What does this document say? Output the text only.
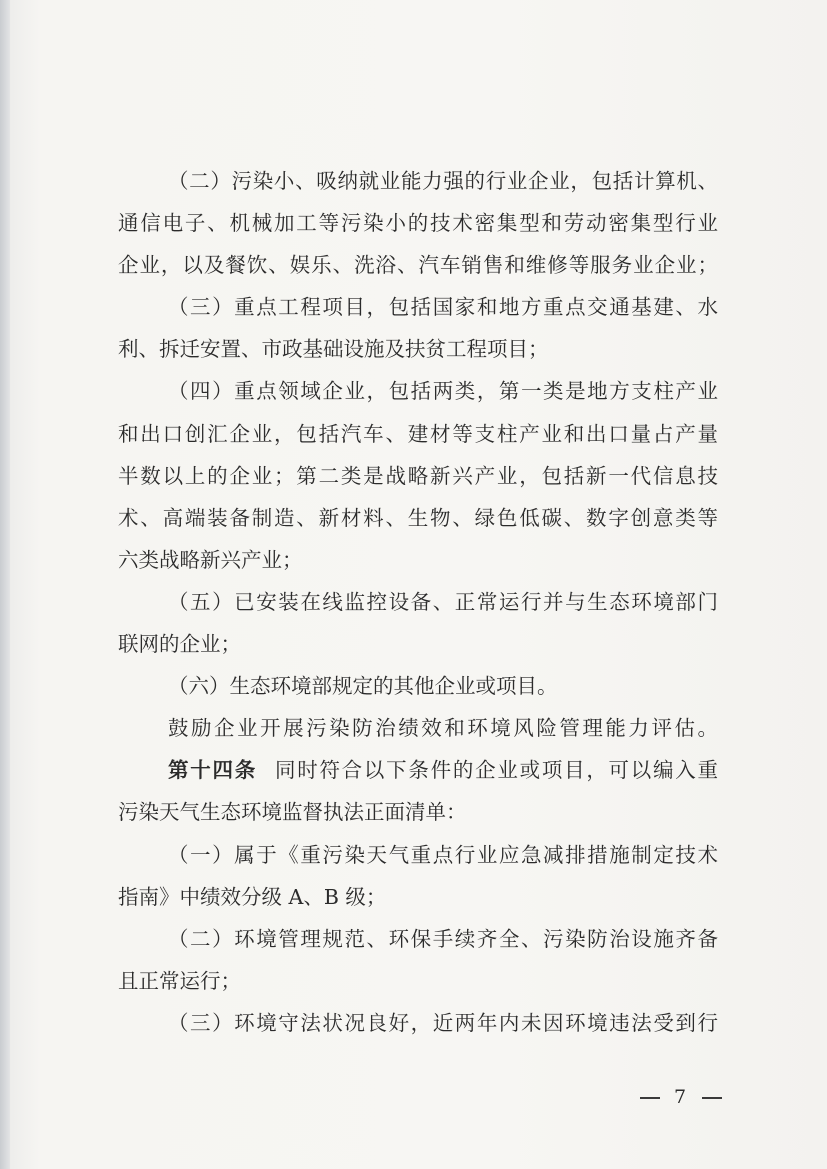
（二）污染小、吸纳就业能力强的行业企业，包括计算机、
通信电子、机械加工等污染小的技术密集型和劳动密集型行业
企业，以及餐饮、娱乐、洗浴、汽车销售和维修等服务业企业；
（三）重点工程项目，包括国家和地方重点交通基建、水
利、拆迁安置、市政基础设施及扶贫工程项目；
（四）重点领域企业，包括两类，第一类是地方支柱产业
和出口创汇企业，包括汽车、建材等支柱产业和出口量占产量
半数以上的企业；第二类是战略新兴产业，包括新一代信息技
术、高端装备制造、新材料、生物、绿色低碳、数字创意类等
六类战略新兴产业；
（五）已安装在线监控设备、正常运行并与生态环境部门
联网的企业；
（六）生态环境部规定的其他企业或项目。
鼓励企业开展污染防治绩效和环境风险管理能力评估。
第十四条 同时符合以下条件的企业或项目，可以编入重
污染天气生态环境监督执法正面清单：
（一）属于《重污染天气重点行业应急减排措施制定技术
指南》中绩效分级 A、B 级；
（二）环境管理规范、环保手续齐全、污染防治设施齐备
且正常运行；
（三）环境守法状况良好，近两年内未因环境违法受到行
7
